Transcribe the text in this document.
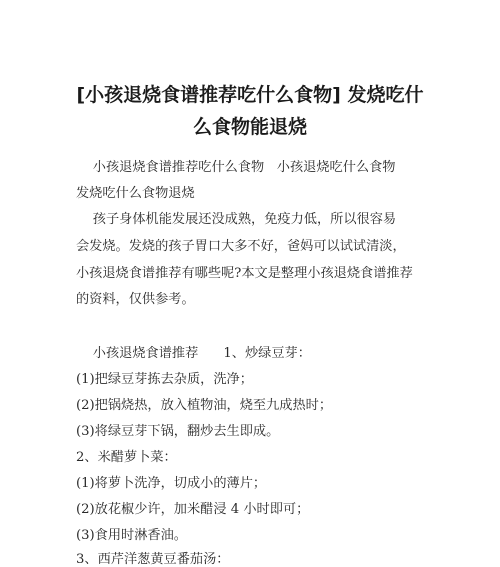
[小孩退烧食谱推荐吃什么食物] 发烧吃什
么食物能退烧
小孩退烧食谱推荐吃什么食物   小孩退烧吃什么食物
发烧吃什么食物退烧
孩子身体机能发展还没成熟，免疫力低，所以很容易
会发烧。发烧的孩子胃口大多不好，爸妈可以试试清淡，
小孩退烧食谱推荐有哪些呢?本文是整理小孩退烧食谱推荐
的资料，仅供参考。
小孩退烧食谱推荐      1、炒绿豆芽：
(1)把绿豆芽拣去杂质，洗净；
(2)把锅烧热，放入植物油，烧至九成热时；
(3)将绿豆芽下锅，翻炒去生即成。
2、米醋萝卜菜：
(1)将萝卜洗净，切成小的薄片；
(2)放花椒少许，加米醋浸 4 小时即可；
(3)食用时淋香油。
3、西芹洋葱黄豆番茄汤：
